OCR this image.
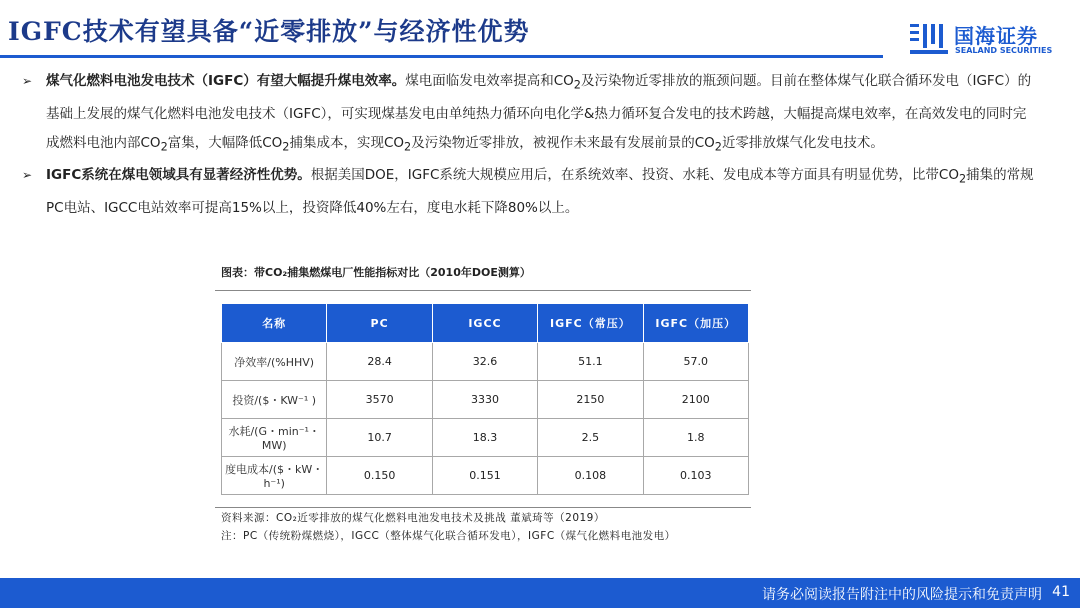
IGFC技术有望具备“近零排放”与经济性优势	国海证券
SEALAND SECURITIES
➢ 煤气化燃料电池发电技术（IGFC）有望大幅提升煤电效率。煤电面临发电效率提高和$CO_2$及污染物近零排放的瓶颈问题。目前在整体煤气化联合循环发电（IGFC）的基础上发展的煤气化燃料电池发电技术（IGFC），可实现煤基发电由单纯热力循环向电化学&热力循环复合发电的技术跨越，大幅提高煤电效率，在高效发电的同时完成燃料电池内部$CO_2$富集，大幅降低$CO_2$捕集成本，实现$CO_2$及污染物近零排放，被视作未来最有发展前景的$CO_2$近零排放煤气化发电技术。
➢ IGFC系统在煤电领域具有显著经济性优势。根据美国DOE，IGFC系统大规模应用后，在系统效率、投资、水耗、发电成本等方面具有明显优势，比带$CO_2$捕集的常规PC电站、IGCC电站效率可提高15%以上，投资降低40%左右，度电水耗下降80%以上。
图表：带CO₂捕集燃煤电厂性能指标对比（2010年DOE测算）
名称	PC	IGCC	IGFC（常压）	IGFC（加压）
净效率/(%HHV)	28.4	32.6	51.1	57.0
投资/($・KW⁻¹ )	3570	3330	2150	2100
水耗/(G・min⁻¹・MW)	10.7	18.3	2.5	1.8
度电成本/($・kW・h⁻¹)	0.150	0.151	0.108	0.103
资料来源：CO₂近零排放的煤气化燃料电池发电技术及挑战 董斌琦等（2019）
注：PC（传统粉煤燃烧），IGCC（整体煤气化联合循环发电），IGFC（煤气化燃料电池发电）
请务必阅读报告附注中的风险提示和免责声明 41
